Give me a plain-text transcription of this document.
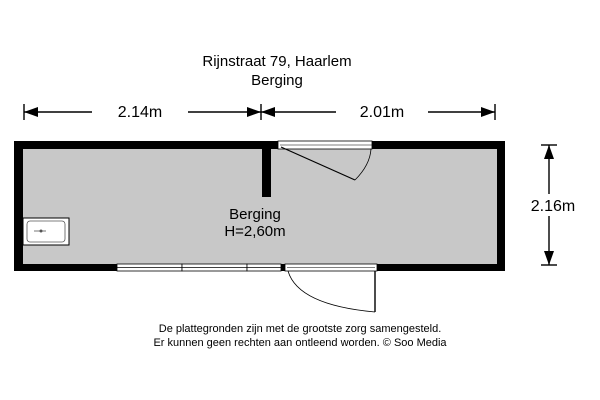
Rijnstraat 79, Haarlem
Berging
2.14m	2.01m
2.16m
Berging
H=2,60m
De plattegronden zijn met de grootste zorg samengesteld.
Er kunnen geen rechten aan ontleend worden. © Soo Media
